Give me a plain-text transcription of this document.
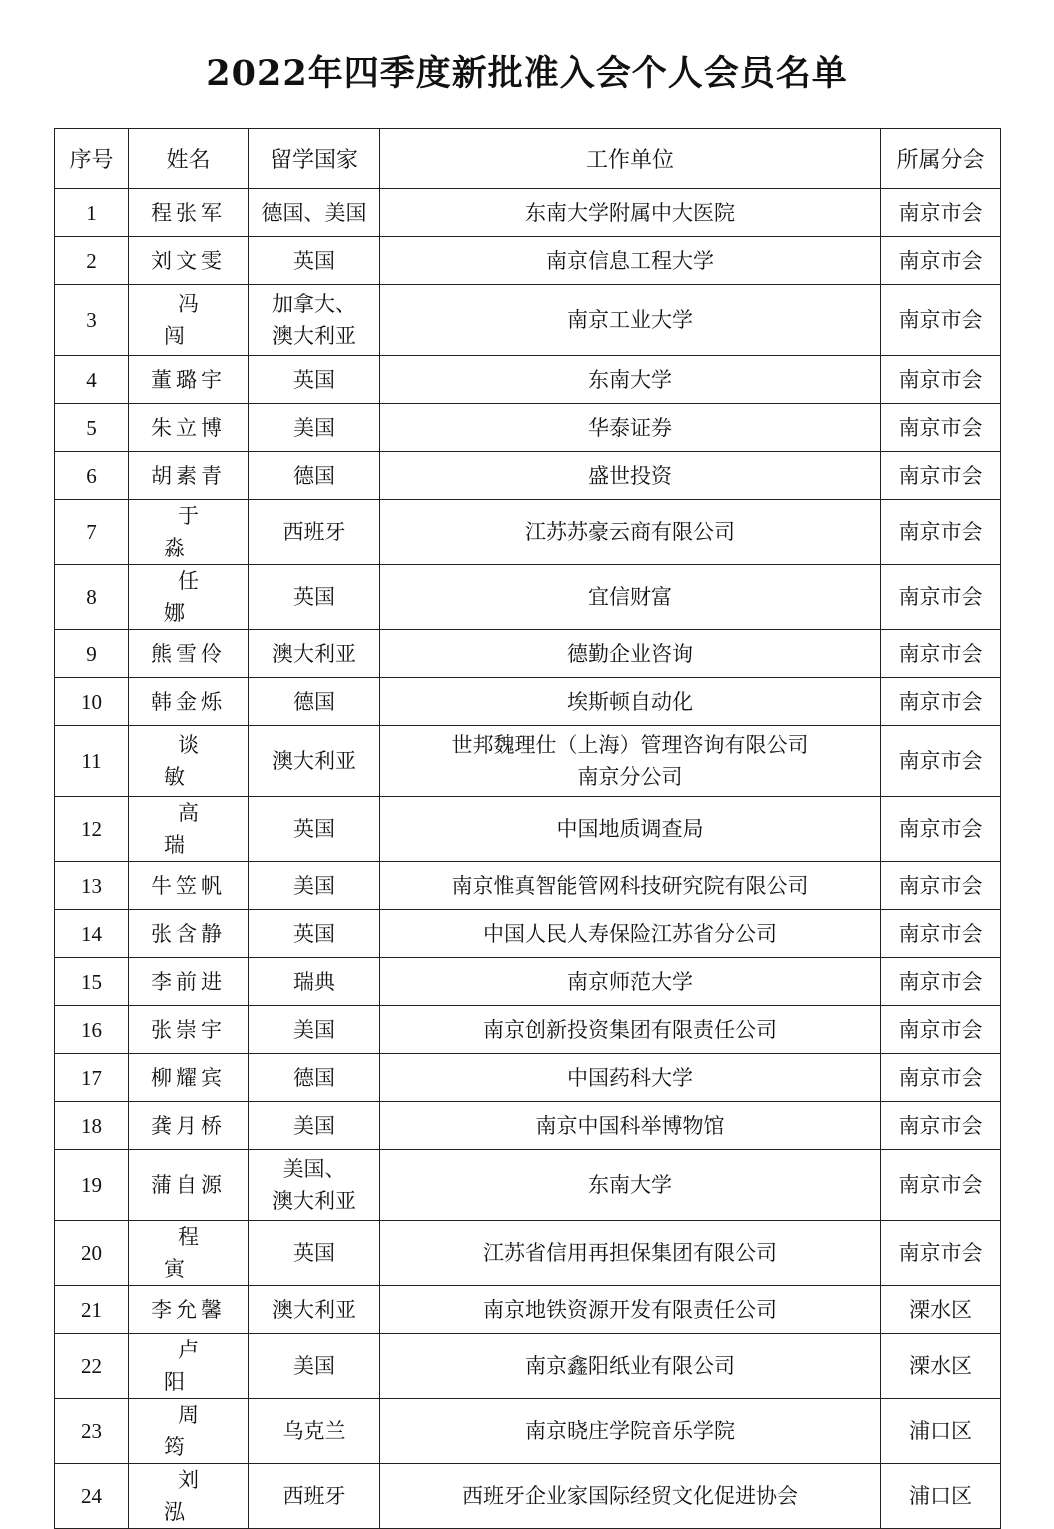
2022年四季度新批准入会个人会员名单
序号	姓名	留学国家	工作单位	所属分会
1	程张军	德国、美国	东南大学附属中大医院	南京市会
2	刘文雯	英国	南京信息工程大学	南京市会
3	冯闯	加拿大、
澳大利亚	南京工业大学	南京市会
4	董璐宇	英国	东南大学	南京市会
5	朱立博	美国	华泰证券	南京市会
6	胡素青	德国	盛世投资	南京市会
7	于淼	西班牙	江苏苏豪云商有限公司	南京市会
8	任娜	英国	宜信财富	南京市会
9	熊雪伶	澳大利亚	德勤企业咨询	南京市会
10	韩金烁	德国	埃斯顿自动化	南京市会
11	谈敏	澳大利亚	世邦魏理仕（上海）管理咨询有限公司
南京分公司	南京市会
12	高瑞	英国	中国地质调查局	南京市会
13	牛笠帆	美国	南京惟真智能管网科技研究院有限公司	南京市会
14	张含静	英国	中国人民人寿保险江苏省分公司	南京市会
15	李前进	瑞典	南京师范大学	南京市会
16	张崇宇	美国	南京创新投资集团有限责任公司	南京市会
17	柳耀宾	德国	中国药科大学	南京市会
18	龚月桥	美国	南京中国科举博物馆	南京市会
19	蒲自源	美国、
澳大利亚	东南大学	南京市会
20	程寅	英国	江苏省信用再担保集团有限公司	南京市会
21	李允馨	澳大利亚	南京地铁资源开发有限责任公司	溧水区
22	卢阳	美国	南京鑫阳纸业有限公司	溧水区
23	周筠	乌克兰	南京晓庄学院音乐学院	浦口区
24	刘泓	西班牙	西班牙企业家国际经贸文化促进协会	浦口区
